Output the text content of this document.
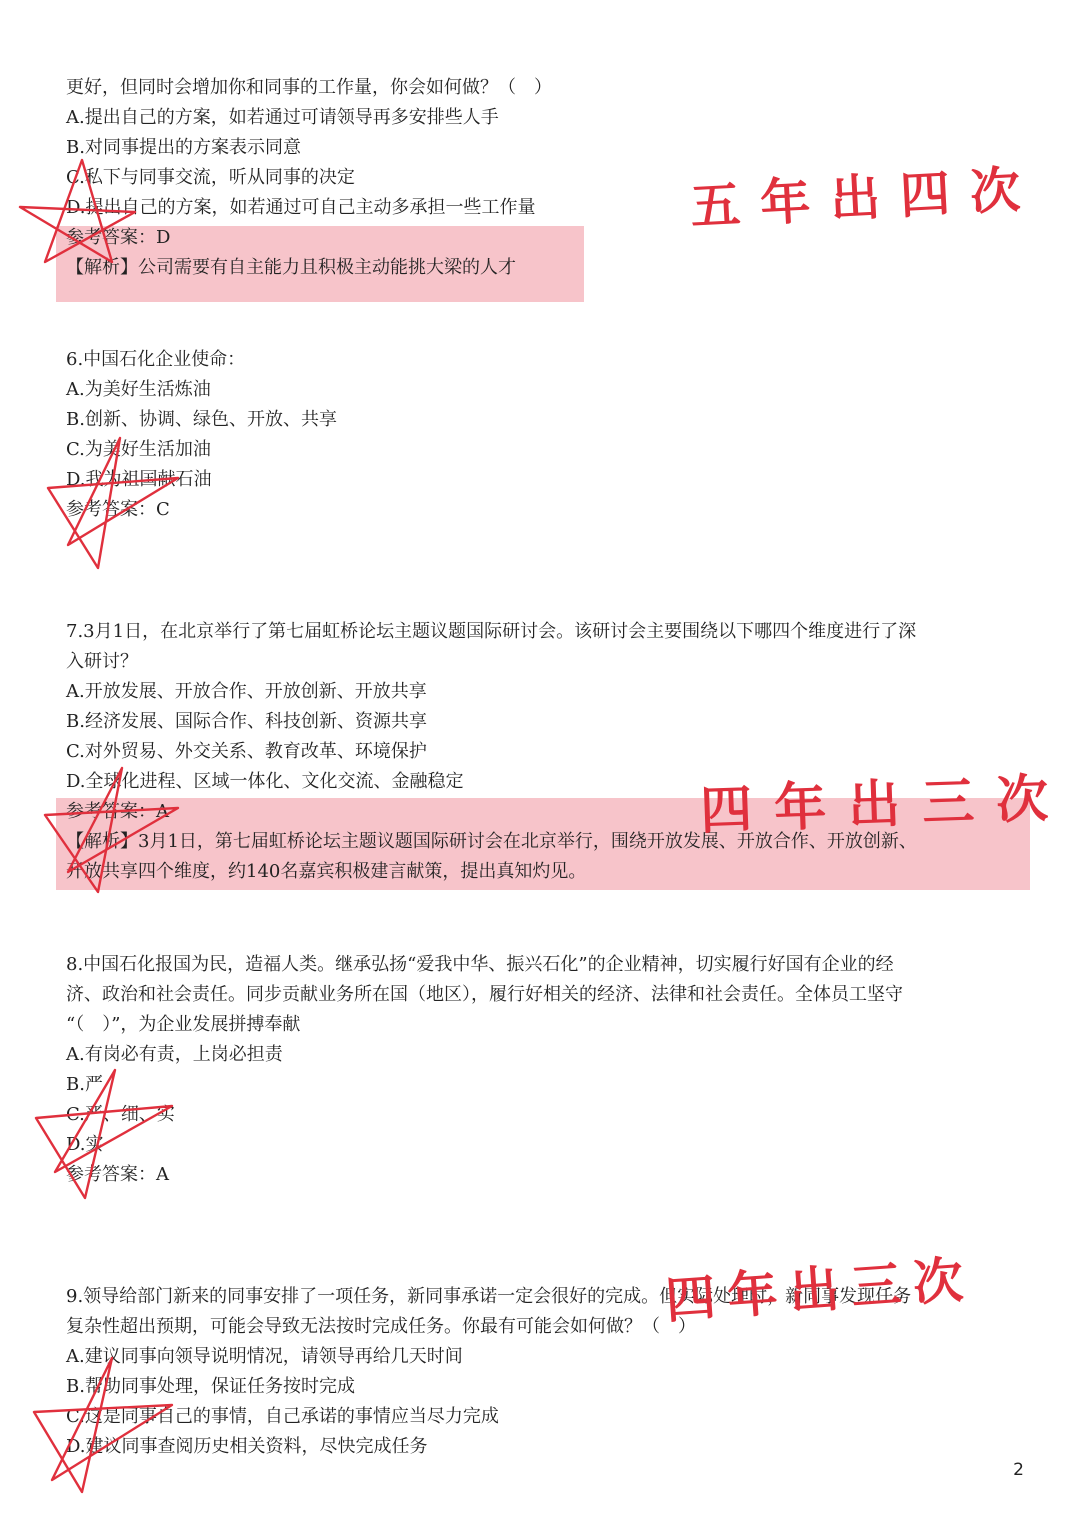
更好，但同时会增加你和同事的工作量，你会如何做？（　）
A.提出自己的方案，如若通过可请领导再多安排些人手
B.对同事提出的方案表示同意
C.私下与同事交流，听从同事的决定
D.提出自己的方案，如若通过可自己主动多承担一些工作量
参考答案：D
【解析】公司需要有自主能力且积极主动能挑大梁的人才
6.中国石化企业使命：
A.为美好生活炼油
B.创新、协调、绿色、开放、共享
C.为美好生活加油
D.我为祖国献石油
参考答案：C
7.3月1日，在北京举行了第七届虹桥论坛主题议题国际研讨会。该研讨会主要围绕以下哪四个维度进行了深
入研讨？
A.开放发展、开放合作、开放创新、开放共享
B.经济发展、国际合作、科技创新、资源共享
C.对外贸易、外交关系、教育改革、环境保护
D.全球化进程、区域一体化、文化交流、金融稳定
参考答案：A
【解析】3月1日，第七届虹桥论坛主题议题国际研讨会在北京举行，围绕开放发展、开放合作、开放创新、
开放共享四个维度，约140名嘉宾积极建言献策，提出真知灼见。
8.中国石化报国为民，造福人类。继承弘扬“爱我中华、振兴石化”的企业精神，切实履行好国有企业的经
济、政治和社会责任。同步贡献业务所在国（地区），履行好相关的经济、法律和社会责任。全体员工坚守
“（　）”，为企业发展拼搏奉献
A.有岗必有责，上岗必担责
B.严
C.严、细、实
D.实
参考答案：A
9.领导给部门新来的同事安排了一项任务，新同事承诺一定会很好的完成。但实际处理时，新同事发现任务
复杂性超出预期，可能会导致无法按时完成任务。你最有可能会如何做？（　）
A.建议同事向领导说明情况，请领导再给几天时间
B.帮助同事处理，保证任务按时完成
C.这是同事自己的事情，自己承诺的事情应当尽力完成
D.建议同事查阅历史相关资料，尽快完成任务
五年出四次
四年出三次
四年出三次
2
